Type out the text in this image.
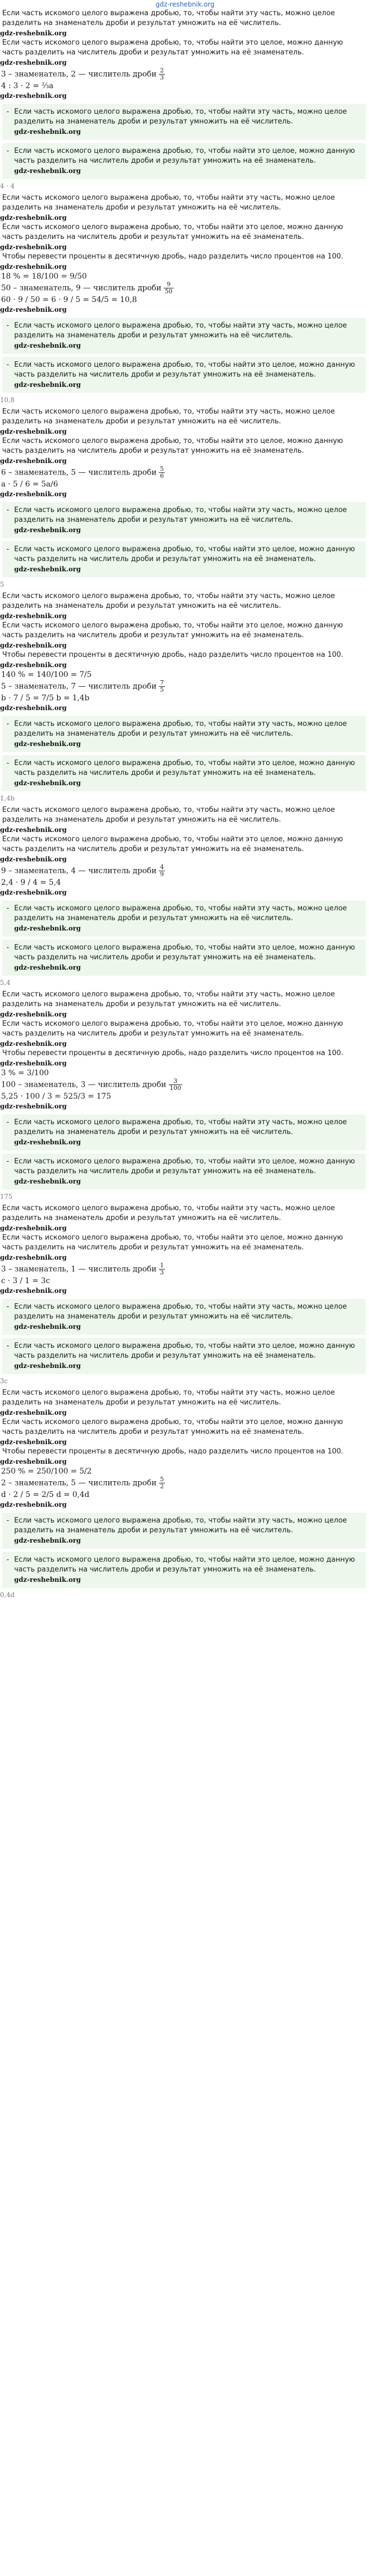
gdz-reshebnik.org
Если часть искомого целого выражена дробью, то, чтобы найти эту часть, можно целое разделить на знаменатель дроби и результат умножить на её числитель.
gdz-reshebnik.org
Если часть искомого целого выражена дробью, то, чтобы найти это целое, можно данную часть разделить на числитель дроби и результат умножить на её знаменатель.
gdz-reshebnik.org
3 – знаменатель, 2 — числитель дроби $\frac{2}{3}$
4 : 3 · 2 = ⅔a
gdz-reshebnik.org
- Если часть искомого целого выражена дробью, то, чтобы найти эту часть, можно целое разделить на знаменатель дроби и результат умножить на её числитель.
gdz-reshebnik.org
- Если часть искомого целого выражена дробью, то, чтобы найти это целое, можно данную часть разделить на числитель дроби и результат умножить на её знаменатель.
gdz-reshebnik.org
4 · 4
Если часть искомого целого выражена дробью, то, чтобы найти эту часть, можно целое разделить на знаменатель дроби и результат умножить на её числитель.
gdz-reshebnik.org
Если часть искомого целого выражена дробью, то, чтобы найти это целое, можно данную часть разделить на числитель дроби и результат умножить на её знаменатель.
gdz-reshebnik.org
Чтобы перевести проценты в десятичную дробь, надо разделить число процентов на 100.
gdz-reshebnik.org
18 % = 18/100 = 9/50
50 – знаменатель, 9 — числитель дроби $\frac{9}{50}$
60 · 9 / 50 = 6 · 9 / 5 = 54/5 = 10,8
gdz-reshebnik.org
- Если часть искомого целого выражена дробью, то, чтобы найти эту часть, можно целое разделить на знаменатель дроби и результат умножить на её числитель.
gdz-reshebnik.org
- Если часть искомого целого выражена дробью, то, чтобы найти это целое, можно данную часть разделить на числитель дроби и результат умножить на её знаменатель.
gdz-reshebnik.org
10,8
Если часть искомого целого выражена дробью, то, чтобы найти эту часть, можно целое разделить на знаменатель дроби и результат умножить на её числитель.
gdz-reshebnik.org
Если часть искомого целого выражена дробью, то, чтобы найти это целое, можно данную часть разделить на числитель дроби и результат умножить на её знаменатель.
gdz-reshebnik.org
6 – знаменатель, 5 — числитель дроби $\frac{5}{6}$
a · 5 / 6 = 5a/6
gdz-reshebnik.org
- Если часть искомого целого выражена дробью, то, чтобы найти эту часть, можно целое разделить на знаменатель дроби и результат умножить на её числитель.
gdz-reshebnik.org
- Если часть искомого целого выражена дробью, то, чтобы найти это целое, можно данную часть разделить на числитель дроби и результат умножить на её знаменатель.
gdz-reshebnik.org
5
Если часть искомого целого выражена дробью, то, чтобы найти эту часть, можно целое разделить на знаменатель дроби и результат умножить на её числитель.
gdz-reshebnik.org
Если часть искомого целого выражена дробью, то, чтобы найти это целое, можно данную часть разделить на числитель дроби и результат умножить на её знаменатель.
gdz-reshebnik.org
Чтобы перевести проценты в десятичную дробь, надо разделить число процентов на 100.
gdz-reshebnik.org
140 % = 140/100 = 7/5
5 – знаменатель, 7 — числитель дроби $\frac{7}{5}$
b · 7 / 5 = 7/5 b = 1,4b
gdz-reshebnik.org
- Если часть искомого целого выражена дробью, то, чтобы найти эту часть, можно целое разделить на знаменатель дроби и результат умножить на её числитель.
gdz-reshebnik.org
- Если часть искомого целого выражена дробью, то, чтобы найти это целое, можно данную часть разделить на числитель дроби и результат умножить на её знаменатель.
gdz-reshebnik.org
1,4b
Если часть искомого целого выражена дробью, то, чтобы найти эту часть, можно целое разделить на знаменатель дроби и результат умножить на её числитель.
gdz-reshebnik.org
Если часть искомого целого выражена дробью, то, чтобы найти это целое, можно данную часть разделить на числитель дроби и результат умножить на её знаменатель.
gdz-reshebnik.org
9 – знаменатель, 4 — числитель дроби $\frac{4}{9}$
2,4 · 9 / 4 = 5,4
gdz-reshebnik.org
- Если часть искомого целого выражена дробью, то, чтобы найти эту часть, можно целое разделить на знаменатель дроби и результат умножить на её числитель.
gdz-reshebnik.org
- Если часть искомого целого выражена дробью, то, чтобы найти это целое, можно данную часть разделить на числитель дроби и результат умножить на её знаменатель.
gdz-reshebnik.org
5,4
Если часть искомого целого выражена дробью, то, чтобы найти эту часть, можно целое разделить на знаменатель дроби и результат умножить на её числитель.
gdz-reshebnik.org
Если часть искомого целого выражена дробью, то, чтобы найти это целое, можно данную часть разделить на числитель дроби и результат умножить на её знаменатель.
gdz-reshebnik.org
Чтобы перевести проценты в десятичную дробь, надо разделить число процентов на 100.
gdz-reshebnik.org
3 % = 3/100
100 – знаменатель, 3 — числитель дроби $\frac{3}{100}$
5,25 · 100 / 3 = 525/3 = 175
gdz-reshebnik.org
- Если часть искомого целого выражена дробью, то, чтобы найти эту часть, можно целое разделить на знаменатель дроби и результат умножить на её числитель.
gdz-reshebnik.org
- Если часть искомого целого выражена дробью, то, чтобы найти это целое, можно данную часть разделить на числитель дроби и результат умножить на её знаменатель.
gdz-reshebnik.org
175
Если часть искомого целого выражена дробью, то, чтобы найти эту часть, можно целое разделить на знаменатель дроби и результат умножить на её числитель.
gdz-reshebnik.org
Если часть искомого целого выражена дробью, то, чтобы найти это целое, можно данную часть разделить на числитель дроби и результат умножить на её знаменатель.
gdz-reshebnik.org
3 – знаменатель, 1 — числитель дроби $\frac{1}{3}$
c · 3 / 1 = 3c
gdz-reshebnik.org
- Если часть искомого целого выражена дробью, то, чтобы найти эту часть, можно целое разделить на знаменатель дроби и результат умножить на её числитель.
gdz-reshebnik.org
- Если часть искомого целого выражена дробью, то, чтобы найти это целое, можно данную часть разделить на числитель дроби и результат умножить на её знаменатель.
gdz-reshebnik.org
3c
Если часть искомого целого выражена дробью, то, чтобы найти эту часть, можно целое разделить на знаменатель дроби и результат умножить на её числитель.
gdz-reshebnik.org
Если часть искомого целого выражена дробью, то, чтобы найти это целое, можно данную часть разделить на числитель дроби и результат умножить на её знаменатель.
gdz-reshebnik.org
Чтобы перевести проценты в десятичную дробь, надо разделить число процентов на 100.
gdz-reshebnik.org
250 % = 250/100 = 5/2
2 – знаменатель, 5 — числитель дроби $\frac{5}{2}$
d · 2 / 5 = 2/5 d = 0,4d
gdz-reshebnik.org
- Если часть искомого целого выражена дробью, то, чтобы найти эту часть, можно целое разделить на знаменатель дроби и результат умножить на её числитель.
gdz-reshebnik.org
- Если часть искомого целого выражена дробью, то, чтобы найти это целое, можно данную часть разделить на числитель дроби и результат умножить на её знаменатель.
gdz-reshebnik.org
0,4d
